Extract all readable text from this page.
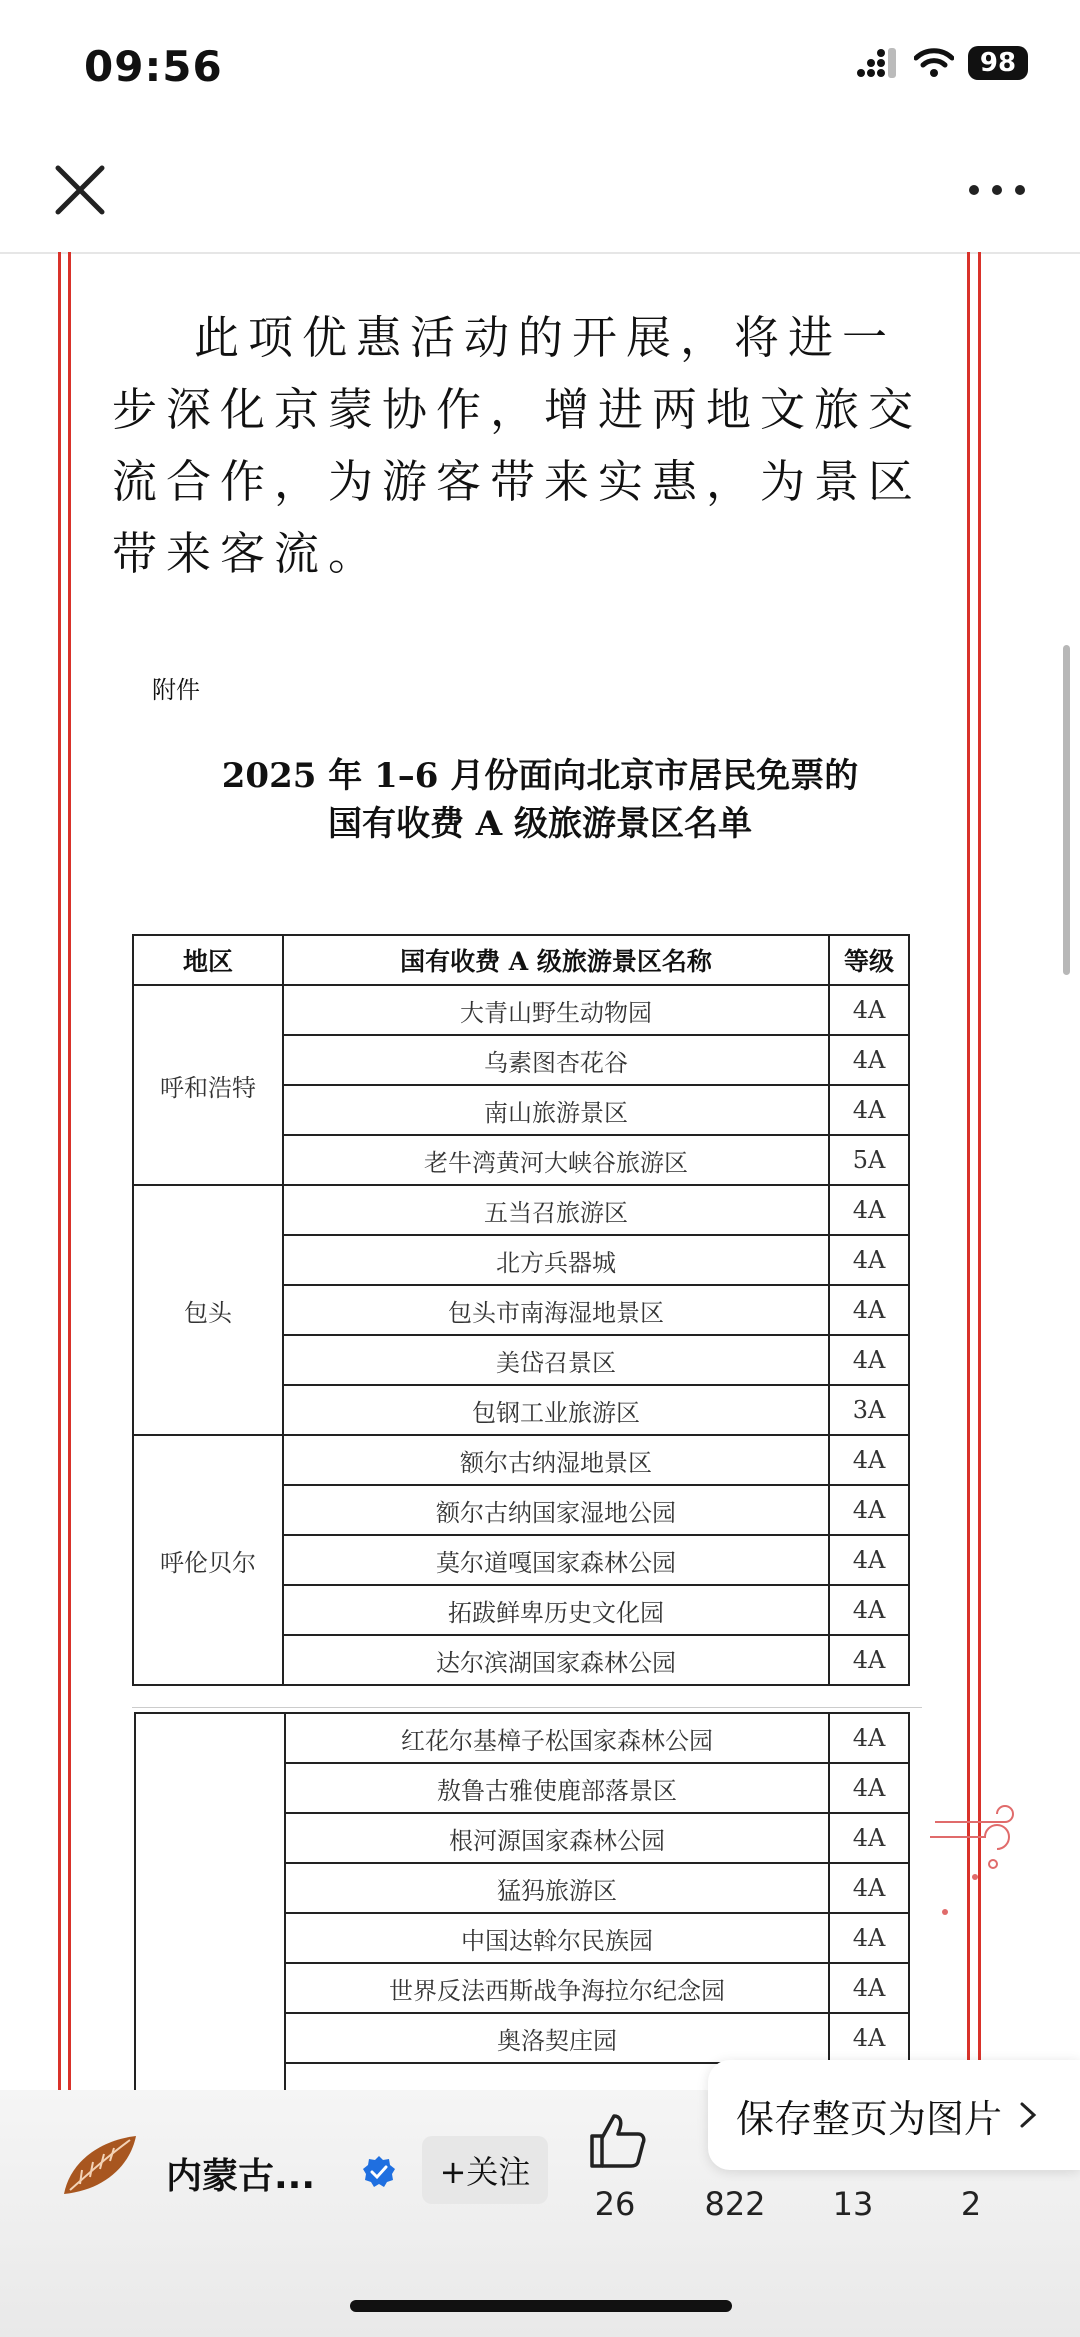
09:56	98
此项优惠活动的开展，将进一步深化京蒙协作，增进两地文旅交流合作，为游客带来实惠，为景区带来客流。
附件
2025 年 1–6 月份面向北京市居民免票的
国有收费 A 级旅游景区名单
地区	国有收费 A 级旅游景区名称	等级
呼和浩特	大青山野生动物园	4A
	乌素图杏花谷	4A
	南山旅游景区	4A
	老牛湾黄河大峡谷旅游区	5A
包头	五当召旅游区	4A
	北方兵器城	4A
	包头市南海湿地景区	4A
	美岱召景区	4A
	包钢工业旅游区	3A
呼伦贝尔	额尔古纳湿地景区	4A
	额尔古纳国家湿地公园	4A
	莫尔道嘎国家森林公园	4A
	拓跋鲜卑历史文化园	4A
	达尔滨湖国家森林公园	4A
	红花尔基樟子松国家森林公园	4A
	敖鲁古雅使鹿部落景区	4A
	根河源国家森林公园	4A
	猛犸旅游区	4A
	中国达斡尔民族园	4A
	世界反法西斯战争海拉尔纪念园	4A
	奥洛契庄园	4A

保存整页为图片
内蒙古...	+关注
26	822	13	2
